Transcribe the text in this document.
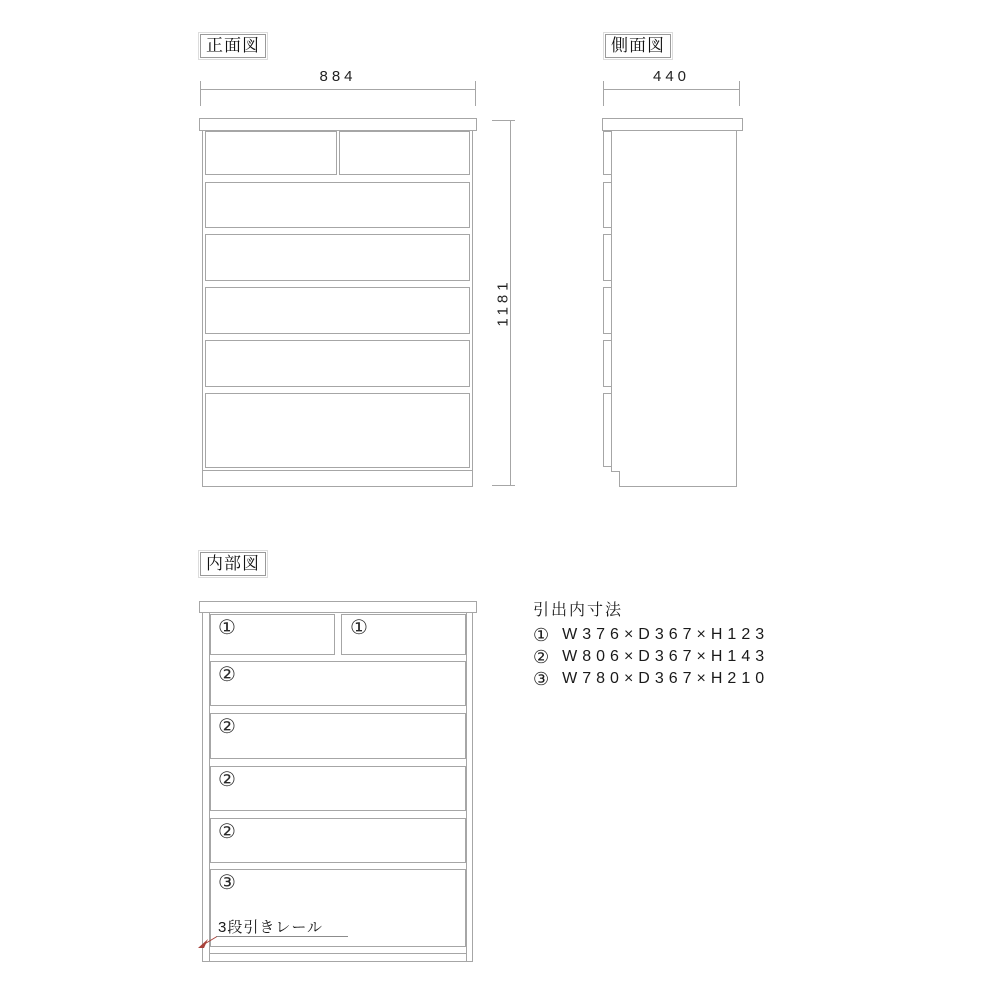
正面図
884
1181
側面図
440
内部図
①	①
②
②
②
②
③
3段引きレール
引出内寸法
① W376×D367×H123
② W806×D367×H143
③ W780×D367×H210
